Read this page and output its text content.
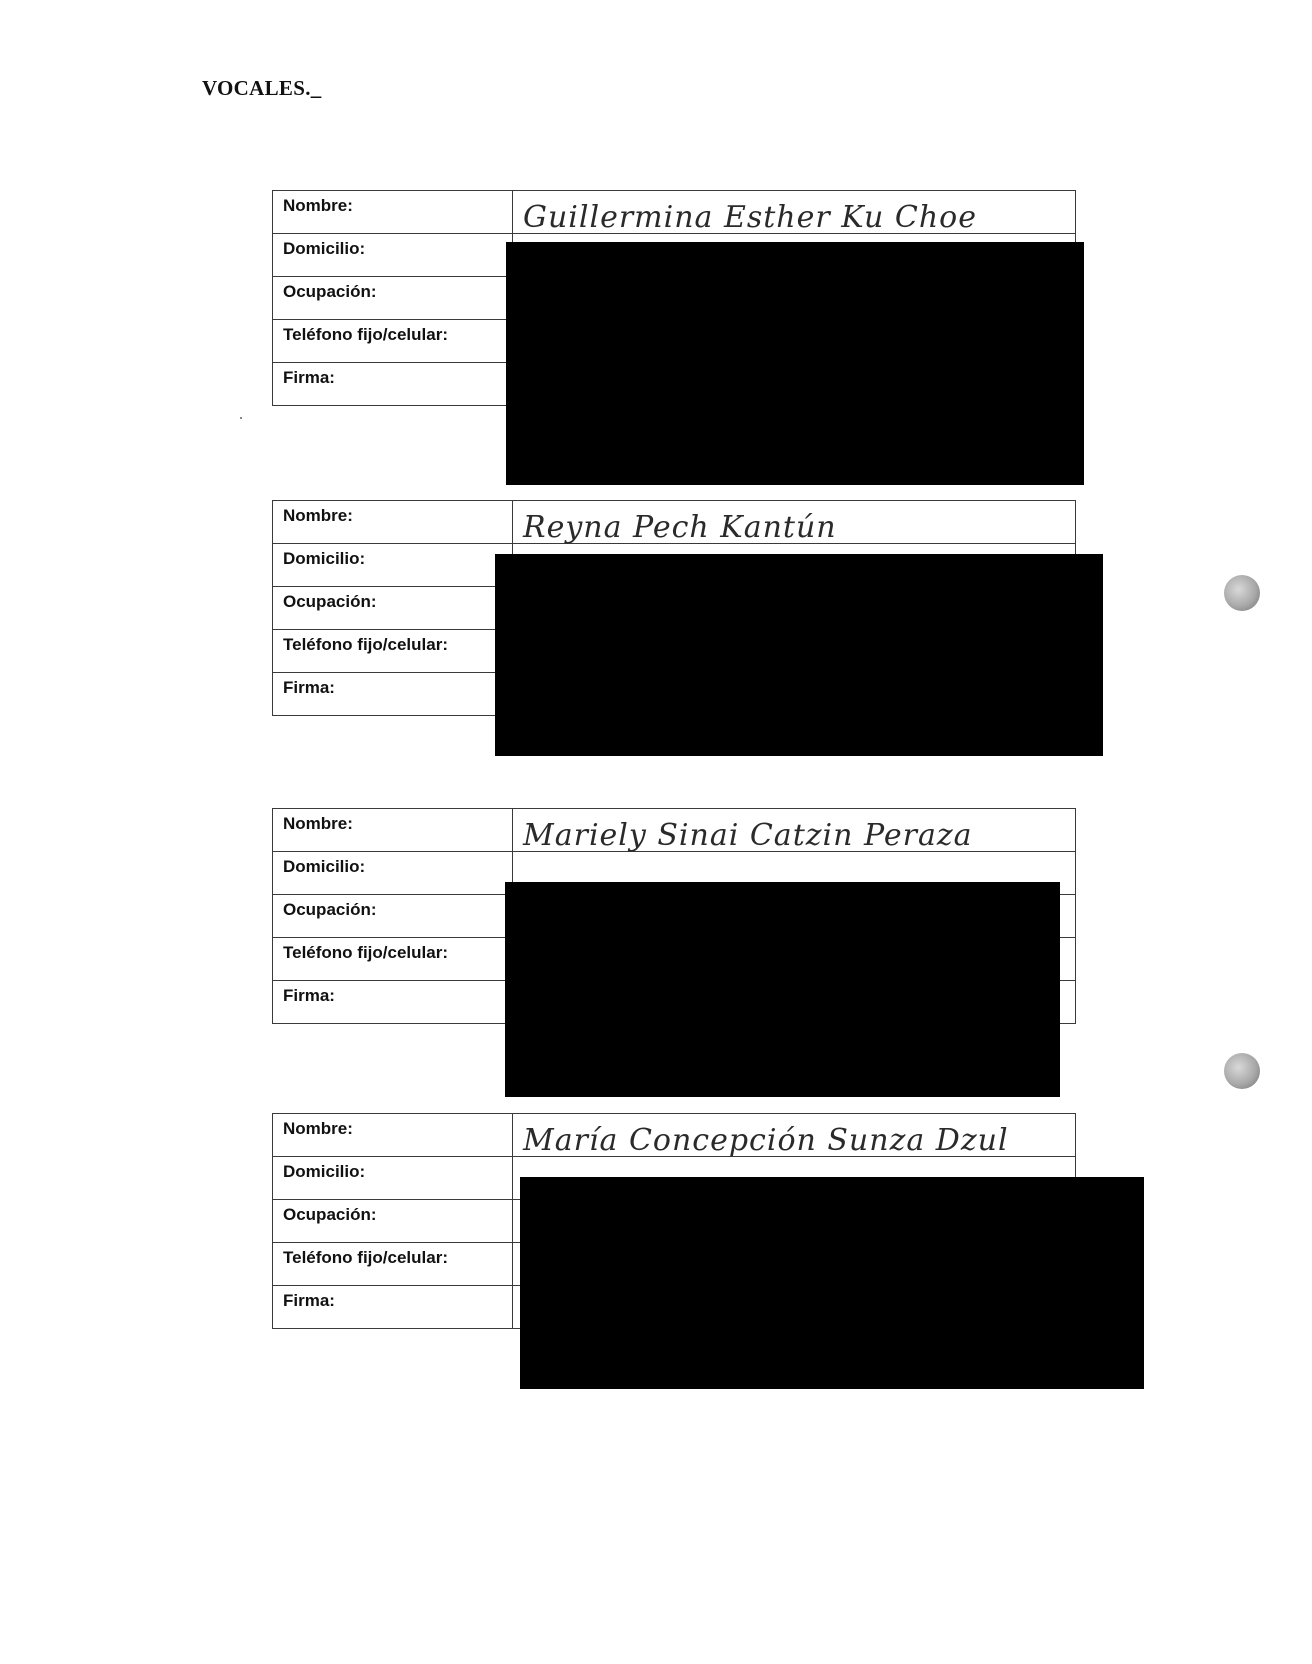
VOCALES._
Nombre:	Guillermina Esther Ku Choe

Domicilio:	

Ocupación:	

Teléfono fijo/celular:	

Firma:	

Nombre:	Reyna Pech Kantún

Domicilio:	

Ocupación:	

Teléfono fijo/celular:	

Firma:	

Nombre:	Mariely Sinai Catzin Peraza

Domicilio:	

Ocupación:	

Teléfono fijo/celular:	

Firma:	

Nombre:	María Concepción Sunza Dzul

Domicilio:	

Ocupación:	

Teléfono fijo/celular:	

Firma:	
